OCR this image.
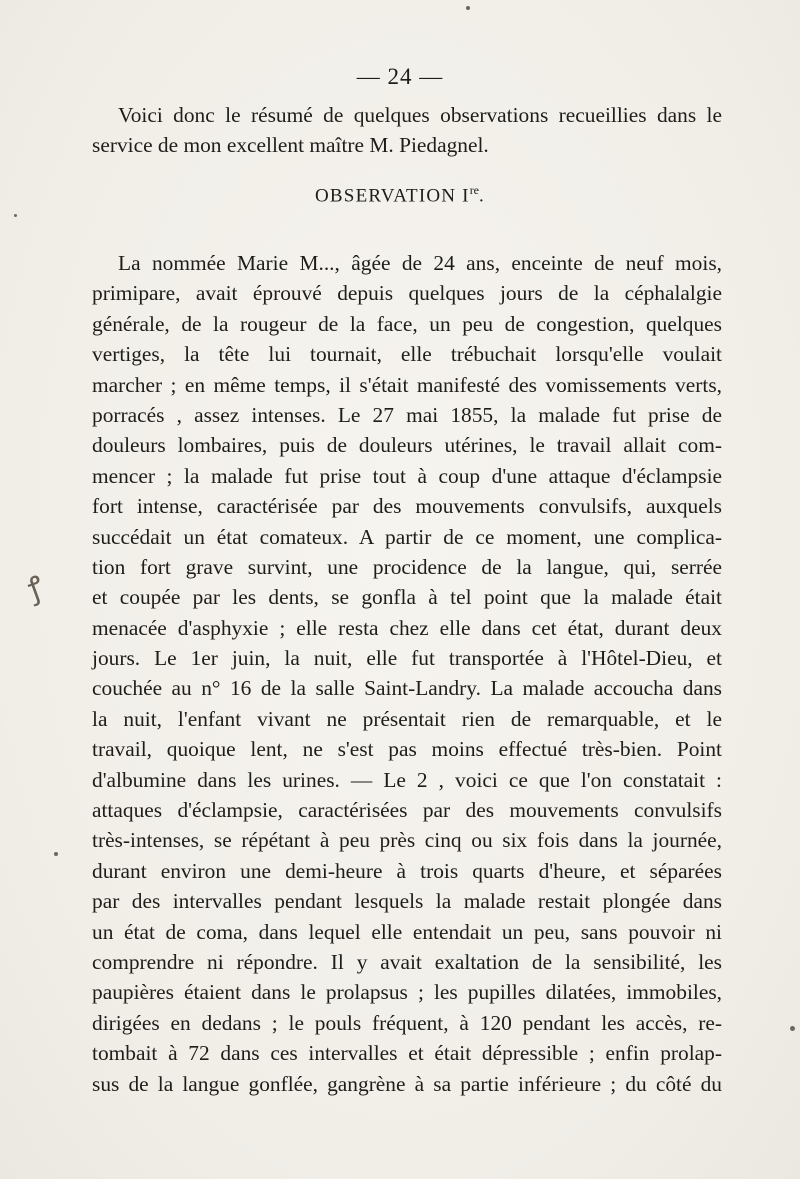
— 24 —

Voici donc le résumé de quelques observations recueillies dans le service de mon excellent maître M. Piedagnel.

OBSERVATION Ire.
La nommée Marie M..., âgée de 24 ans, enceinte de neuf mois,
primipare, avait éprouvé depuis quelques jours de la céphalalgie
générale, de la rougeur de la face, un peu de congestion, quelques
vertiges, la tête lui tournait, elle trébuchait lorsqu'elle voulait
marcher ; en même temps, il s'était manifesté des vomissements verts,
porracés , assez intenses. Le 27 mai 1855, la malade fut prise de
douleurs lombaires, puis de douleurs utérines, le travail allait com-
mencer ; la malade fut prise tout à coup d'une attaque d'éclampsie
fort intense, caractérisée par des mouvements convulsifs, auxquels
succédait un état comateux. A partir de ce moment, une complica-
tion fort grave survint, une procidence de la langue, qui, serrée
et coupée par les dents, se gonfla à tel point que la malade était
menacée d'asphyxie ; elle resta chez elle dans cet état, durant deux
jours. Le 1er juin, la nuit, elle fut transportée à l'Hôtel-Dieu, et
couchée au n° 16 de la salle Saint-Landry. La malade accoucha dans
la nuit, l'enfant vivant ne présentait rien de remarquable, et le
travail, quoique lent, ne s'est pas moins effectué très-bien. Point
d'albumine dans les urines. — Le 2 , voici ce que l'on constatait :
attaques d'éclampsie, caractérisées par des mouvements convulsifs
très-intenses, se répétant à peu près cinq ou six fois dans la journée,
durant environ une demi-heure à trois quarts d'heure, et séparées
par des intervalles pendant lesquels la malade restait plongée dans
un état de coma, dans lequel elle entendait un peu, sans pouvoir ni
comprendre ni répondre. Il y avait exaltation de la sensibilité, les
paupières étaient dans le prolapsus ; les pupilles dilatées, immobiles,
dirigées en dedans ; le pouls fréquent, à 120 pendant les accès, re-
tombait à 72 dans ces intervalles et était dépressible ; enfin prolap-
sus de la langue gonflée, gangrène à sa partie inférieure ; du côté du
ꝭ
